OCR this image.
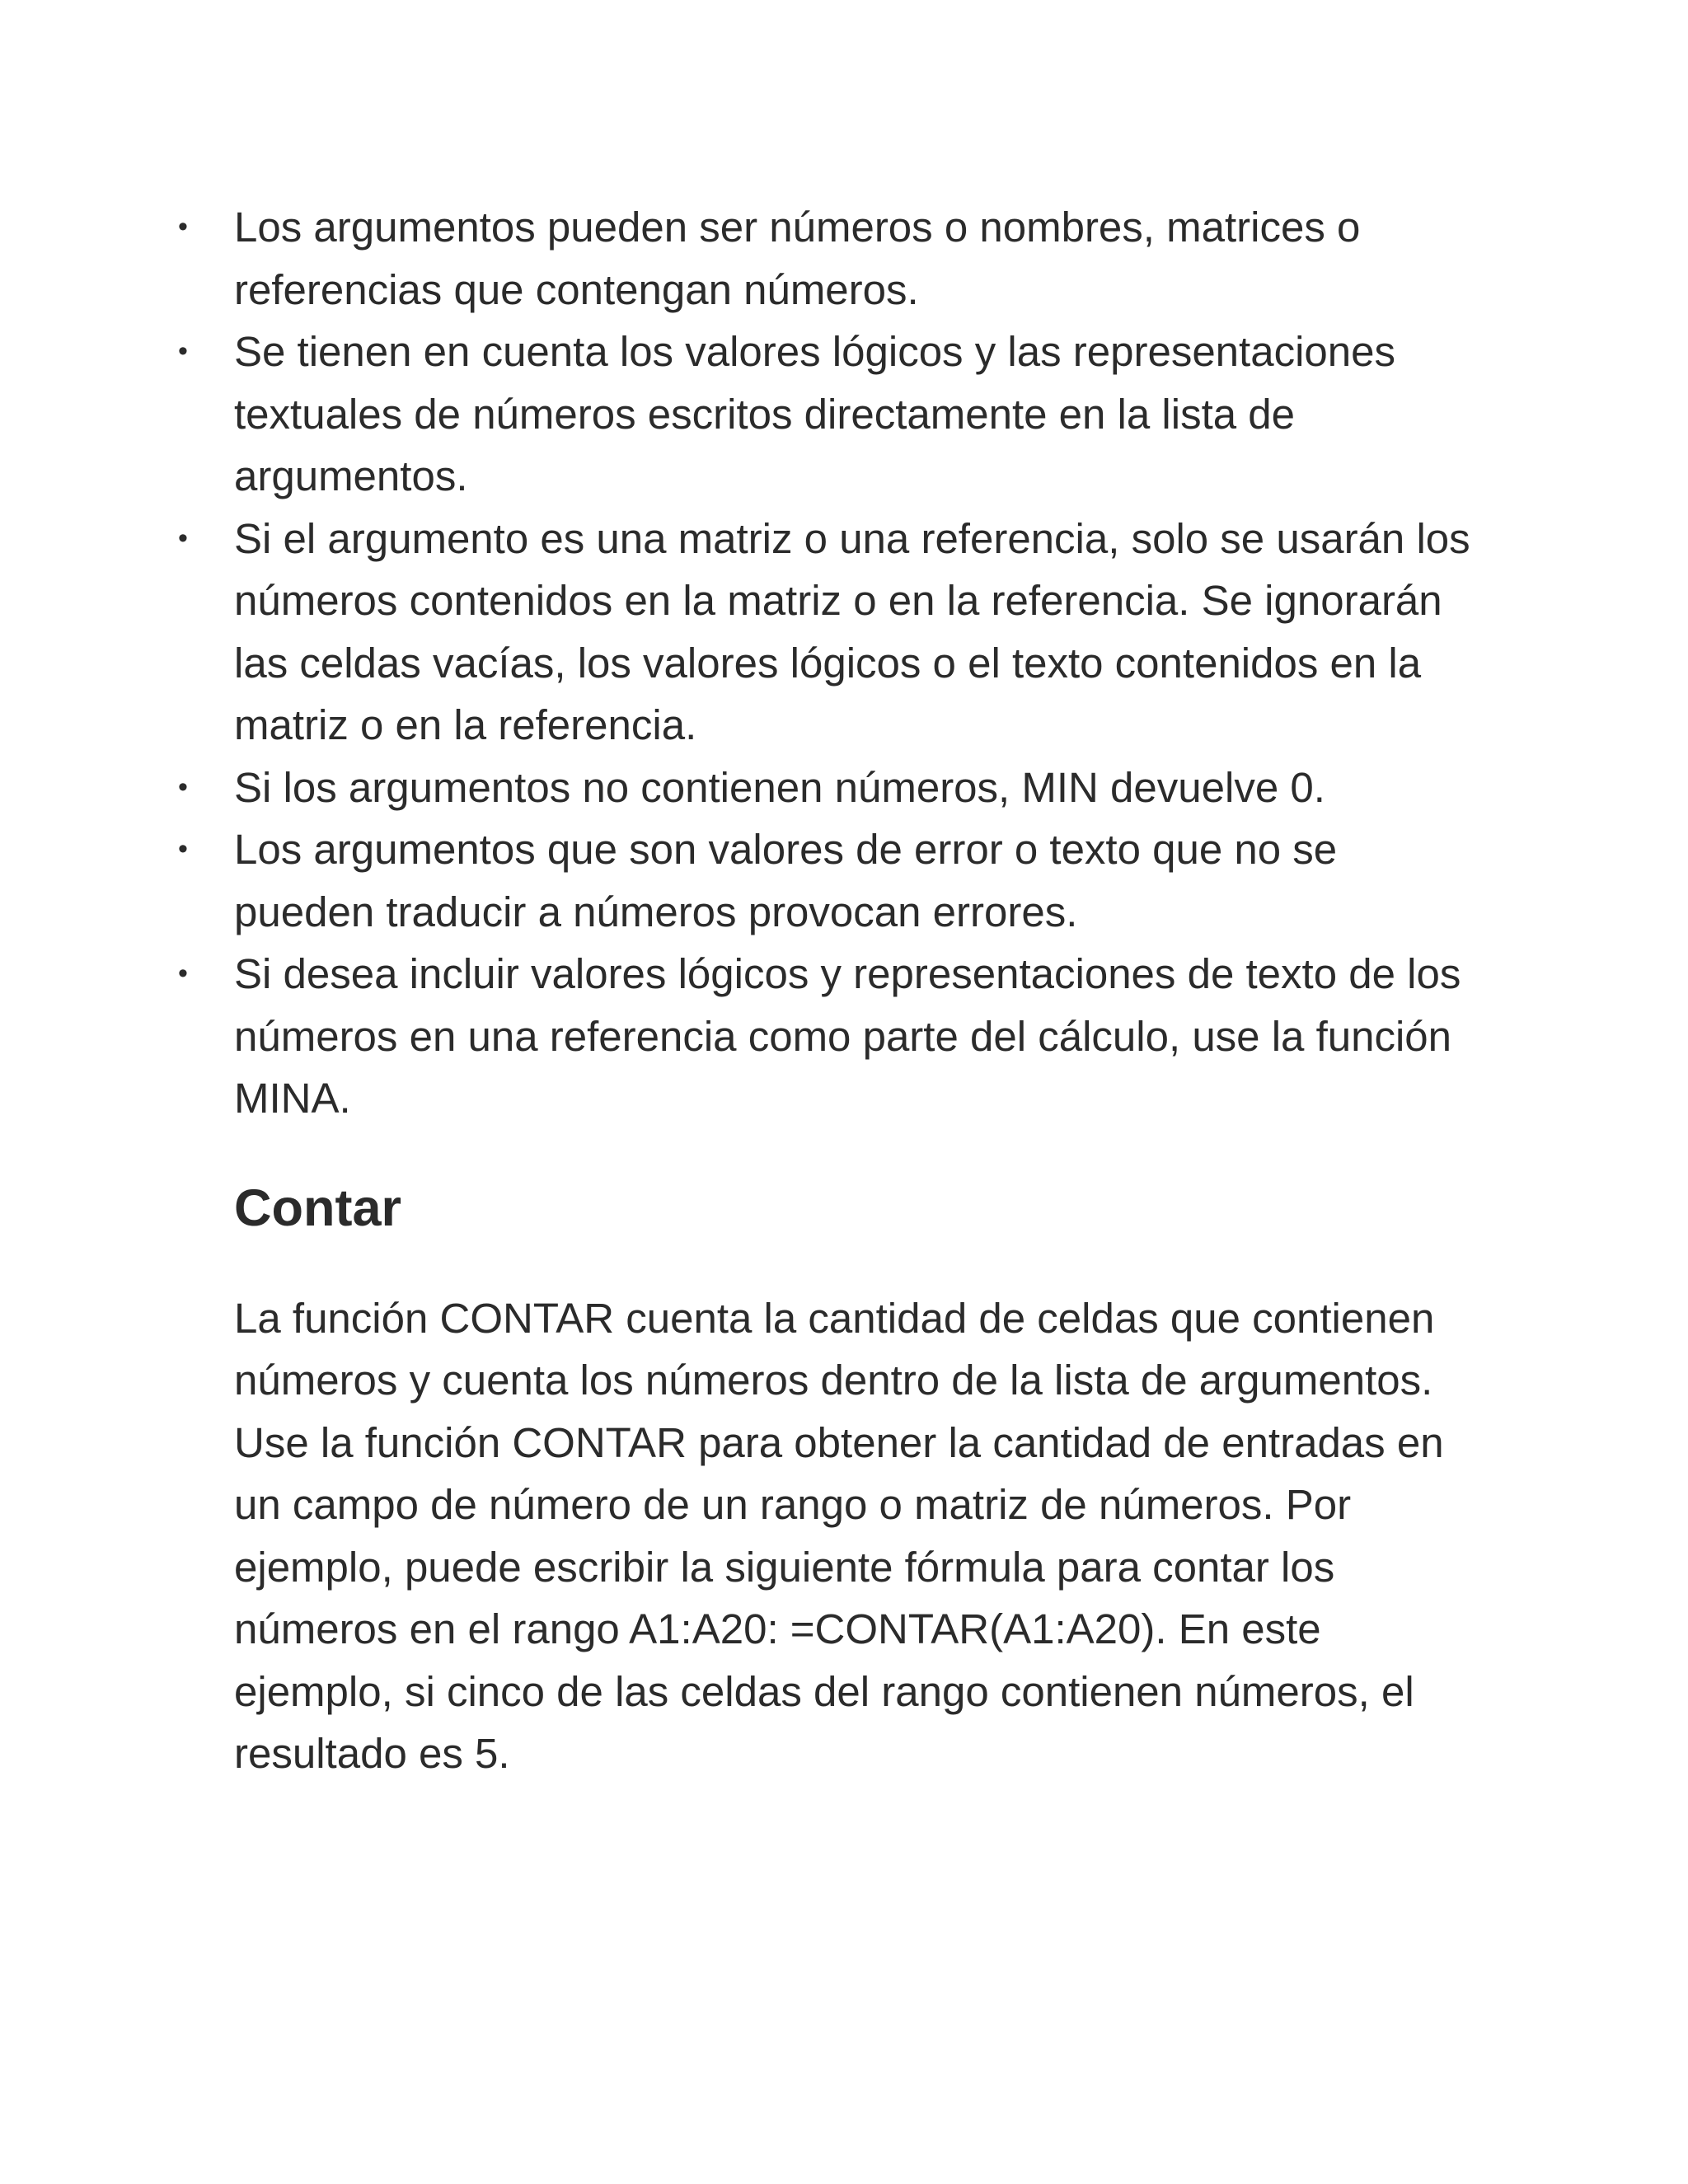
• Los argumentos pueden ser números o nombres, matrices o referencias que contengan números.
• Se tienen en cuenta los valores lógicos y las representaciones textuales de números escritos directamente en la lista de argumentos.
• Si el argumento es una matriz o una referencia, solo se usarán los números contenidos en la matriz o en la referencia. Se ignorarán las celdas vacías, los valores lógicos o el texto contenidos en la matriz o en la referencia.
• Si los argumentos no contienen números, MIN devuelve 0.
• Los argumentos que son valores de error o texto que no se pueden traducir a números provocan errores.
• Si desea incluir valores lógicos y representaciones de texto de los números en una referencia como parte del cálculo, use la función MINA.
Contar

La función CONTAR cuenta la cantidad de celdas que contienen números y cuenta los números dentro de la lista de argumentos. Use la función CONTAR para obtener la cantidad de entradas en un campo de número de un rango o matriz de números. Por ejemplo, puede escribir la siguiente fórmula para contar los números en el rango A1:A20: =CONTAR(A1:A20). En este ejemplo, si cinco de las celdas del rango contienen números, el resultado es 5.
